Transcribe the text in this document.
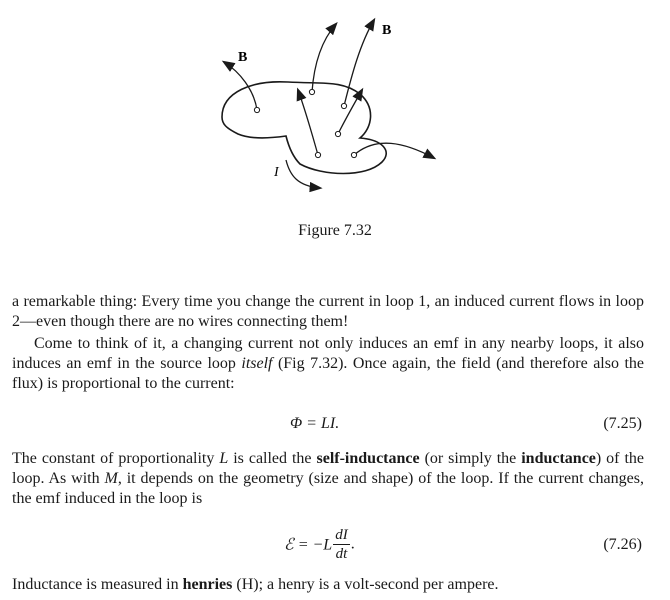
B
B
I
Figure 7.32

a remarkable thing: Every time you change the current in loop 1, an induced current flows in loop 2—even though there are no wires connecting them!

Come to think of it, a changing current not only induces an emf in any nearby loops, it also induces an emf in the source loop itself (Fig 7.32). Once again, the field (and therefore also the flux) is proportional to the current:

Φ = LI.	(7.25)

The constant of proportionality L is called the self-inductance (or simply the inductance) of the loop. As with M, it depends on the geometry (size and shape) of the loop. If the current changes, the emf induced in the loop is

ℰ = $-L \frac{dI}{dt}$ .	(7.26)

Inductance is measured in henries (H); a henry is a volt-second per ampere.
